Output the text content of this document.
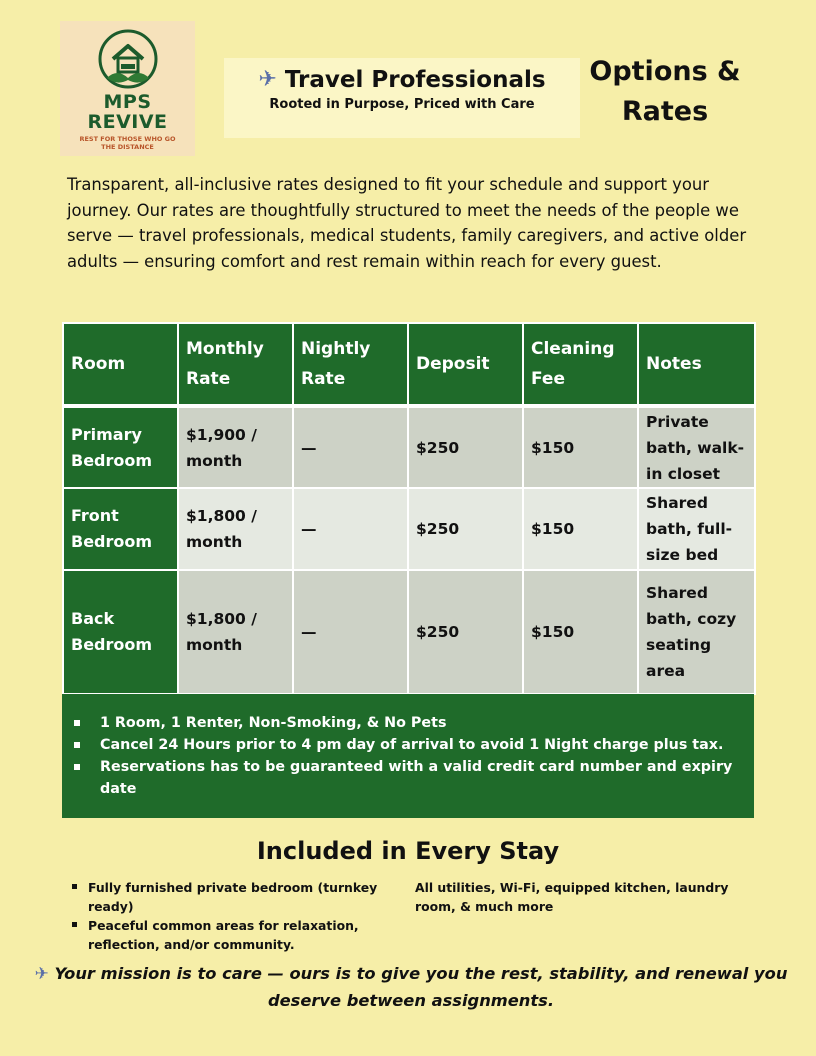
MPS REVIVE
REST FOR THOSE WHO GO THE DISTANCE
✈ Travel Professionals
Rooted in Purpose, Priced with Care
Options & Rates
Transparent, all-inclusive rates designed to fit your schedule and support your journey. Our rates are thoughtfully structured to meet the needs of the people we serve — travel professionals, medical students, family caregivers, and active older adults — ensuring comfort and rest remain within reach for every guest.
Room	Monthly Rate	Nightly Rate	Deposit	Cleaning Fee	Notes
Primary Bedroom	$1,900 / month	—	$250	$150	Private bath, walk-in closet
Front Bedroom	$1,800 / month	—	$250	$150	Shared bath, full-size bed
Back Bedroom	$1,800 / month	—	$250	$150	Shared bath, cozy seating area
1 Room, 1 Renter, Non-Smoking, & No Pets
Cancel 24 Hours prior to 4 pm day of arrival to avoid 1 Night charge plus tax.
Reservations has to be guaranteed with a valid credit card number and expiry date
Included in Every Stay
Fully furnished private bedroom (turnkey ready)
Peaceful common areas for relaxation, reflection, and/or community.
All utilities, Wi-Fi, equipped kitchen, laundry room, & much more
✈ Your mission is to care — ours is to give you the rest, stability, and renewal you deserve between assignments.
